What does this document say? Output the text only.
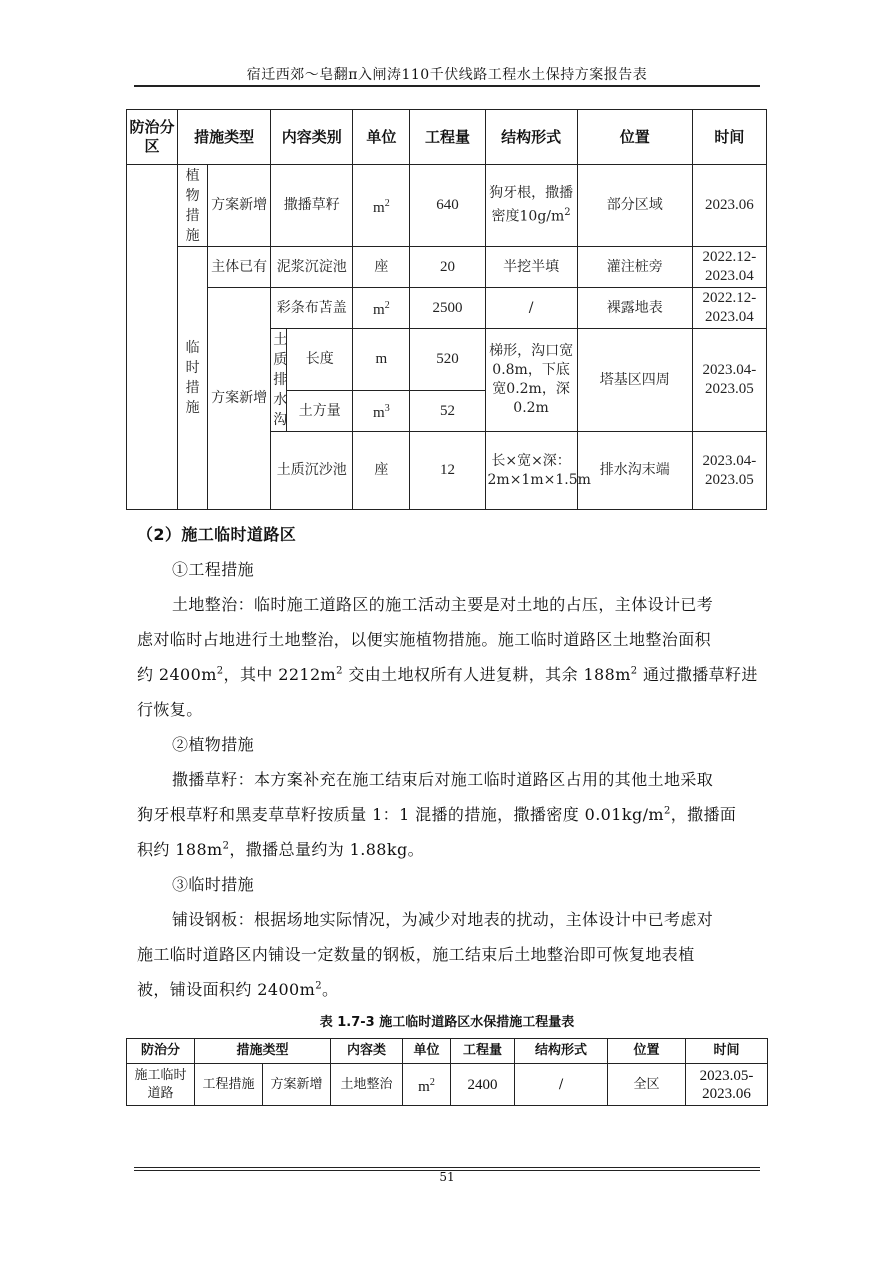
宿迁西郊～皂翻π入闸涛110千伏线路工程水土保持方案报告表
防治分区	措施类型		内容类别		单位	工程量	结构形式	位置	时间

	植物措施	方案新增	撒播草籽		$m^2$	640	狗牙根，撒播密度$10g/m^2$	部分区域	2023.06

	临时措施	主体已有	泥浆沉淀池		座	20	半挖半填	灌注桩旁	2022.12-2023.04
		方案新增	彩条布苫盖		$m^2$	2500	/	裸露地表	2022.12-2023.04

			土质排水沟	长度	m	520	梯形，沟口宽0.8m，下底宽0.2m，深0.2m	塔基区四周	2023.04-2023.05
				土方量	$m^3$	52			
			土质沉沙池		座	12	长×宽×深：2m×1m×1.5m	排水沟末端	2023.04-2023.05
（2）施工临时道路区
①工程措施
土地整治：临时施工道路区的施工活动主要是对土地的占压，主体设计已考
虑对临时占地进行土地整治，以便实施植物措施。施工临时道路区土地整治面积
约 $2400m^2$，其中 $2212m^2$ 交由土地权所有人进复耕，其余 $188m^2$ 通过撒播草籽进
行恢复。
②植物措施
撒播草籽：本方案补充在施工结束后对施工临时道路区占用的其他土地采取
狗牙根草籽和黑麦草草籽按质量 1：1 混播的措施，撒播密度 $0.01kg/m^2$，撒播面
积约 $188m^2$，撒播总量约为 1.88kg。
③临时措施
铺设钢板：根据场地实际情况，为减少对地表的扰动，主体设计中已考虑对
施工临时道路区内铺设一定数量的钢板，施工结束后土地整治即可恢复地表植
被，铺设面积约 $2400m^2$。
表 1.7-3 施工临时道路区水保措施工程量表
防治分	措施类型		内容类	单位	工程量	结构形式	位置	时间
施工临时道路	工程措施	方案新增	土地整治	$m^2$	2400	/	全区	2023.05-2023.06
51
